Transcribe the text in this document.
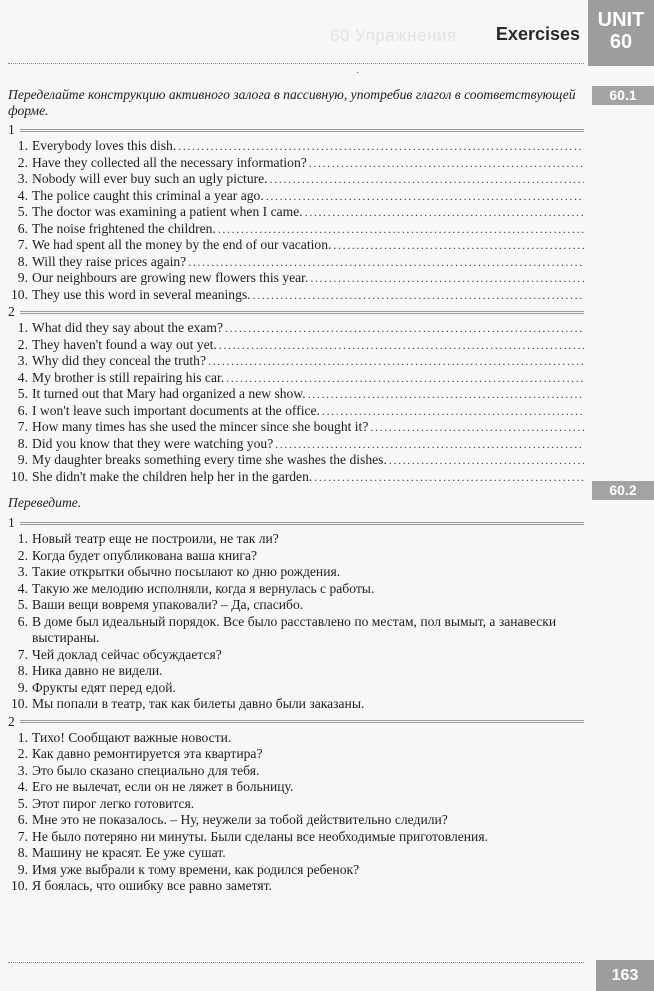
60 Упражнения Exercises
UNIT
60
·
60.1
60.2

Переделайте конструкцию активного залога в пассивную, употребив глагол в соответствующей форме.

1
1. Everybody loves this dish.
.....
2. Have they collected all the necessary information?
.....
3. Nobody will ever buy such an ugly picture.
.....
4. The police caught this criminal a year ago.
.....
5. The doctor was examining a patient when I came.
.....
6. The noise frightened the children.
.....
7. We had spent all the money by the end of our vacation.
.....
8. Will they raise prices again?
.....
9. Our neighbours are growing new flowers this year.
.....
10. They use this word in several meanings.
.....
2
1. What did they say about the exam?
.....
2. They haven't found a way out yet.
.....
3. Why did they conceal the truth?
.....
4. My brother is still repairing his car.
.....
5. It turned out that Mary had organized a new show.
.....
6. I won't leave such important documents at the office.
.....
7. How many times has she used the mincer since she bought it?
.....
8. Did you know that they were watching you?
.....
9. My daughter breaks something every time she washes the dishes.
.....
10. She didn't make the children help her in the garden.
.....

Переведите.

1
1. Новый театр еще не построили, не так ли?
2. Когда будет опубликована ваша книга?
3. Такие открытки обычно посылают ко дню рождения.
4. Такую же мелодию исполняли, когда я вернулась с работы.
5. Ваши вещи вовремя упаковали? – Да, спасибо.
6. В доме был идеальный порядок. Все было расставлено по местам, пол вымыт, а занавески выстираны.
7. Чей доклад сейчас обсуждается?
8. Ника давно не видели.
9. Фрукты едят перед едой.
10. Мы попали в театр, так как билеты давно были заказаны.
2
1. Тихо! Сообщают важные новости.
2. Как давно ремонтируется эта квартира?
3. Это было сказано специально для тебя.
4. Его не вылечат, если он не ляжет в больницу.
5. Этот пирог легко готовится.
6. Мне это не показалось. – Ну, неужели за тобой действительно следили?
7. Не было потеряно ни минуты. Были сделаны все необходимые приготовления.
8. Машину не красят. Ее уже сушат.
9. Имя уже выбрали к тому времени, как родился ребенок?
10. Я боялась, что ошибку все равно заметят.
163
